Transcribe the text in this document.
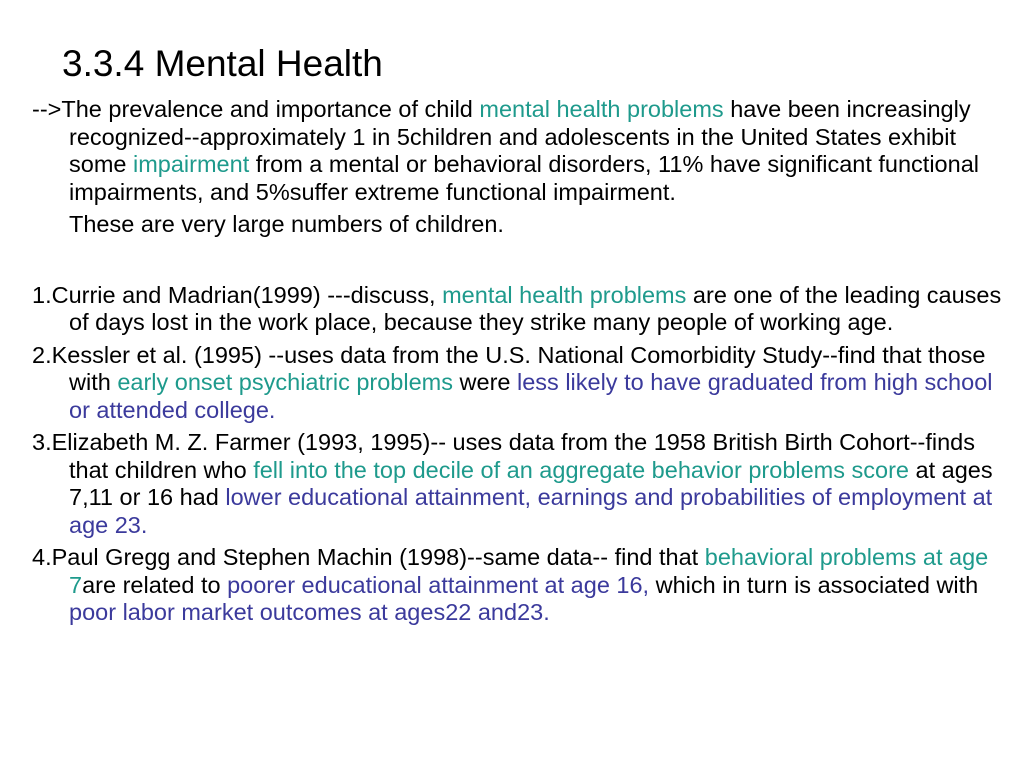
3.3.4 Mental Health

-->The prevalence and importance of child mental health problems have been increasingly recognized--approximately 1 in 5children and adolescents in the United States exhibit some impairment from a mental or behavioral disorders, 11% have significant functional impairments, and 5%suffer extreme functional impairment.

These are very large numbers of children.

1.Currie and Madrian(1999) ---discuss, mental health problems are one of the leading causes of days lost in the work place, because they strike many people of working age.

2.Kessler et al. (1995) --uses data from the U.S. National Comorbidity Study--find that those with early onset psychiatric problems were less likely to have graduated from high school or attended college.

3.Elizabeth M. Z. Farmer (1993, 1995)-- uses data from the 1958 British Birth Cohort--finds that children who fell into the top decile of an aggregate behavior problems score at ages 7,11 or 16 had lower educational attainment, earnings and probabilities of employment at age 23.

4.Paul Gregg and Stephen Machin (1998)--same data-- find that behavioral problems at age 7are related to poorer educational attainment at age 16, which in turn is associated with poor labor market outcomes at ages22 and23.
